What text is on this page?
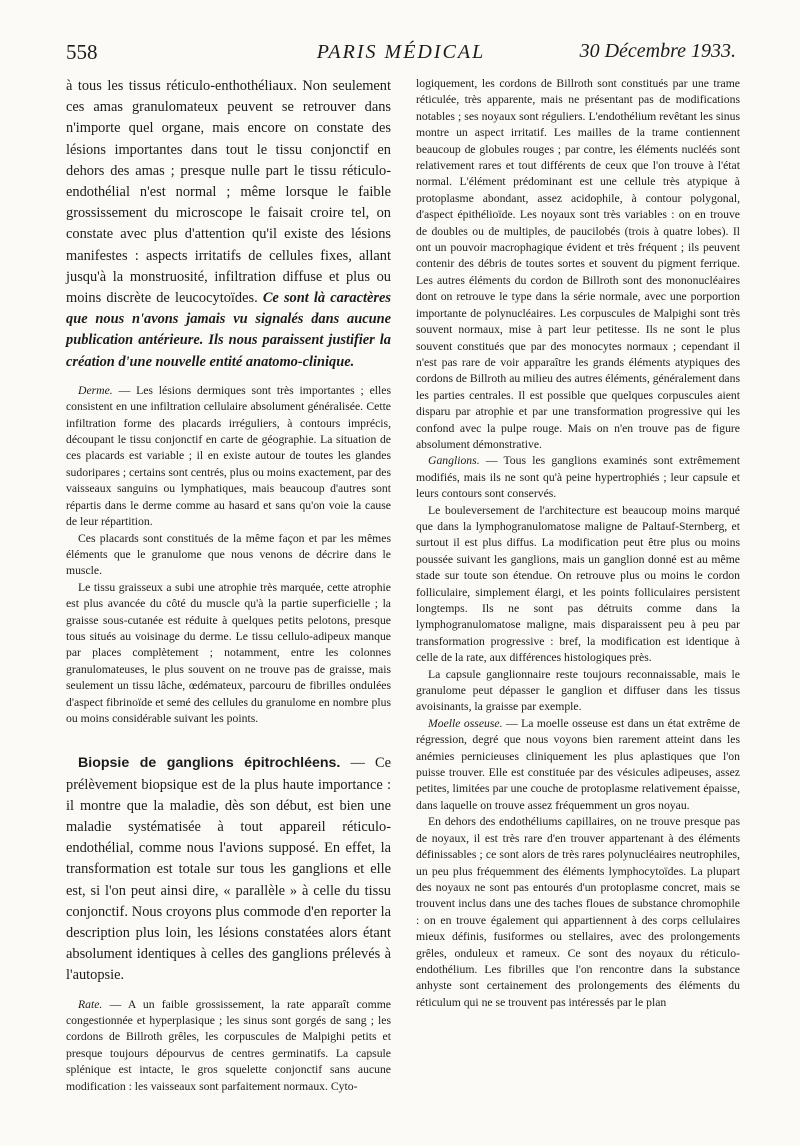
558	PARIS MÉDICAL	30 Décembre 1933.

à tous les tissus réticulo-enthothéliaux. Non seulement ces amas granulomateux peuvent se retrouver dans n'importe quel organe, mais encore on constate des lésions importantes dans tout le tissu conjonctif en dehors des amas ; presque nulle part le tissu réticulo-endothélial n'est normal ; même lorsque le faible grossissement du microscope le faisait croire tel, on constate avec plus d'attention qu'il existe des lésions manifestes : aspects irritatifs de cellules fixes, allant jusqu'à la monstruosité, infiltration diffuse et plus ou moins discrète de leucocytoïdes. Ce sont là caractères que nous n'avons jamais vu signalés dans aucune publication antérieure. Ils nous paraissent justifier la création d'une nouvelle entité anatomo-clinique.

Derme. — Les lésions dermiques sont très importantes ; elles consistent en une infiltration cellulaire absolument généralisée. Cette infiltration forme des placards irréguliers, à contours imprécis, découpant le tissu conjonctif en carte de géographie. La situation de ces placards est variable ; il en existe autour de toutes les glandes sudoripares ; certains sont centrés, plus ou moins exactement, par des vaisseaux sanguins ou lymphatiques, mais beaucoup d'autres sont répartis dans le derme comme au hasard et sans qu'on voie la cause de leur répartition.

Ces placards sont constitués de la même façon et par les mêmes éléments que le granulome que nous venons de décrire dans le muscle.

Le tissu graisseux a subi une atrophie très marquée, cette atrophie est plus avancée du côté du muscle qu'à la partie superficielle ; la graisse sous-cutanée est réduite à quelques petits pelotons, presque tous situés au voisinage du derme. Le tissu cellulo-adipeux manque par places complètement ; notamment, entre les colonnes granulomateuses, le plus souvent on ne trouve pas de graisse, mais seulement un tissu lâche, œdémateux, parcouru de fibrilles ondulées d'aspect fibrinoïde et semé des cellules du granulome en nombre plus ou moins considérable suivant les points.

Biopsie de ganglions épitrochléens. — Ce prélèvement biopsique est de la plus haute importance : il montre que la maladie, dès son début, est bien une maladie systématisée à tout appareil réticulo-endothélial, comme nous l'avions supposé. En effet, la transformation est totale sur tous les ganglions et elle est, si l'on peut ainsi dire, « parallèle » à celle du tissu conjonctif. Nous croyons plus commode d'en reporter la description plus loin, les lésions constatées alors étant absolument identiques à celles des ganglions prélevés à l'autopsie.

Rate. — A un faible grossissement, la rate apparaît comme congestionnée et hyperplasique ; les sinus sont gorgés de sang ; les cordons de Billroth grêles, les corpuscules de Malpighi petits et presque toujours dépourvus de centres germinatifs. La capsule splénique est intacte, le gros squelette conjonctif sans aucune modification : les vaisseaux sont parfaitement normaux. Cyto-

logiquement, les cordons de Billroth sont constitués par une trame réticulée, très apparente, mais ne présentant pas de modifications notables ; ses noyaux sont réguliers. L'endothélium revêtant les sinus montre un aspect irritatif. Les mailles de la trame contiennent beaucoup de globules rouges ; par contre, les éléments nucléés sont relativement rares et tout différents de ceux que l'on trouve à l'état normal. L'élément prédominant est une cellule très atypique à protoplasme abondant, assez acidophile, à contour polygonal, d'aspect épithélioïde. Les noyaux sont très variables : on en trouve de doubles ou de multiples, de paucilobés (trois à quatre lobes). Il ont un pouvoir macrophagique évident et très fréquent ; ils peuvent contenir des débris de toutes sortes et souvent du pigment ferrique. Les autres éléments du cordon de Billroth sont des mononucléaires dont on retrouve le type dans la série normale, avec une porportion importante de polynucléaires. Les corpuscules de Malpighi sont très souvent normaux, mise à part leur petitesse. Ils ne sont le plus souvent constitués que par des monocytes normaux ; cependant il n'est pas rare de voir apparaître les grands éléments atypiques des cordons de Billroth au milieu des autres éléments, généralement dans les parties centrales. Il est possible que quelques corpuscules aient disparu par atrophie et par une transformation progressive qui les confond avec la pulpe rouge. Mais on n'en trouve pas de figure absolument démonstrative.

Ganglions. — Tous les ganglions examinés sont extrêmement modifiés, mais ils ne sont qu'à peine hypertrophiés ; leur capsule et leurs contours sont conservés.

Le bouleversement de l'architecture est beaucoup moins marqué que dans la lymphogranulomatose maligne de Paltauf-Sternberg, et surtout il est plus diffus. La modification peut être plus ou moins poussée suivant les ganglions, mais un ganglion donné est au même stade sur toute son étendue. On retrouve plus ou moins le cordon folliculaire, simplement élargi, et les points folliculaires persistent longtemps. Ils ne sont pas détruits comme dans la lymphogranulomatose maligne, mais disparaissent peu à peu par transformation progressive : bref, la modification est identique à celle de la rate, aux différences histologiques près.

La capsule ganglionnaire reste toujours reconnaissable, mais le granulome peut dépasser le ganglion et diffuser dans les tissus avoisinants, la graisse par exemple.

Moelle osseuse. — La moelle osseuse est dans un état extrême de régression, degré que nous voyons bien rarement atteint dans les anémies pernicieuses cliniquement les plus aplastiques que l'on puisse trouver. Elle est constituée par des vésicules adipeuses, assez petites, limitées par une couche de protoplasme relativement épaisse, dans laquelle on trouve assez fréquemment un gros noyau.

En dehors des endothéliums capillaires, on ne trouve presque pas de noyaux, il est très rare d'en trouver appartenant à des éléments définissables ; ce sont alors de très rares polynucléaires neutrophiles, un peu plus fréquemment des éléments lymphocytoïdes. La plupart des noyaux ne sont pas entourés d'un protoplasme concret, mais se trouvent inclus dans une des taches floues de substance chromophile : on en trouve également qui appartiennent à des corps cellulaires mieux définis, fusiformes ou stellaires, avec des prolongements grêles, onduleux et rameux. Ce sont des noyaux du réticulo-endothélium. Les fibrilles que l'on rencontre dans la substance anhyste sont certainement des prolongements des éléments du réticulum qui ne se trouvent pas intéressés par le plan
